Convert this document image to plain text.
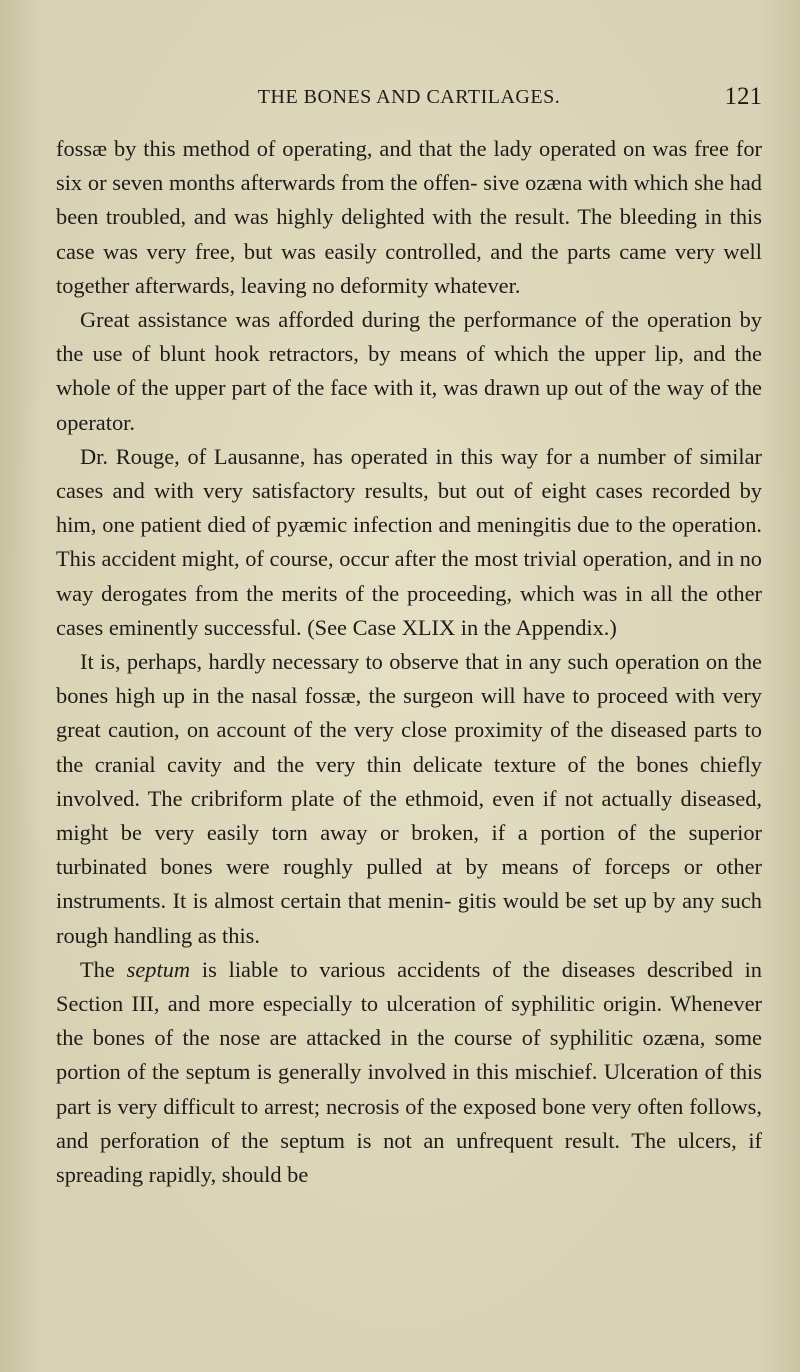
THE BONES AND CARTILAGES.	121

fossæ by this method of operating, and that the lady operated on was free for six or seven months afterwards from the offen- sive ozæna with which she had been troubled, and was highly delighted with the result. The bleeding in this case was very free, but was easily controlled, and the parts came very well together afterwards, leaving no deformity whatever.

Great assistance was afforded during the performance of the operation by the use of blunt hook retractors, by means of which the upper lip, and the whole of the upper part of the face with it, was drawn up out of the way of the operator.

Dr. Rouge, of Lausanne, has operated in this way for a number of similar cases and with very satisfactory results, but out of eight cases recorded by him, one patient died of pyæmic infection and meningitis due to the operation. This accident might, of course, occur after the most trivial operation, and in no way derogates from the merits of the proceeding, which was in all the other cases eminently successful. (See Case XLIX in the Appendix.)

It is, perhaps, hardly necessary to observe that in any such operation on the bones high up in the nasal fossæ, the surgeon will have to proceed with very great caution, on account of the very close proximity of the diseased parts to the cranial cavity and the very thin delicate texture of the bones chiefly involved. The cribriform plate of the ethmoid, even if not actually diseased, might be very easily torn away or broken, if a portion of the superior turbinated bones were roughly pulled at by means of forceps or other instruments. It is almost certain that menin- gitis would be set up by any such rough handling as this.

The septum is liable to various accidents of the diseases described in Section III, and more especially to ulceration of syphilitic origin. Whenever the bones of the nose are attacked in the course of syphilitic ozæna, some portion of the septum is generally involved in this mischief. Ulceration of this part is very difficult to arrest; necrosis of the exposed bone very often follows, and perforation of the septum is not an unfrequent result. The ulcers, if spreading rapidly, should be
